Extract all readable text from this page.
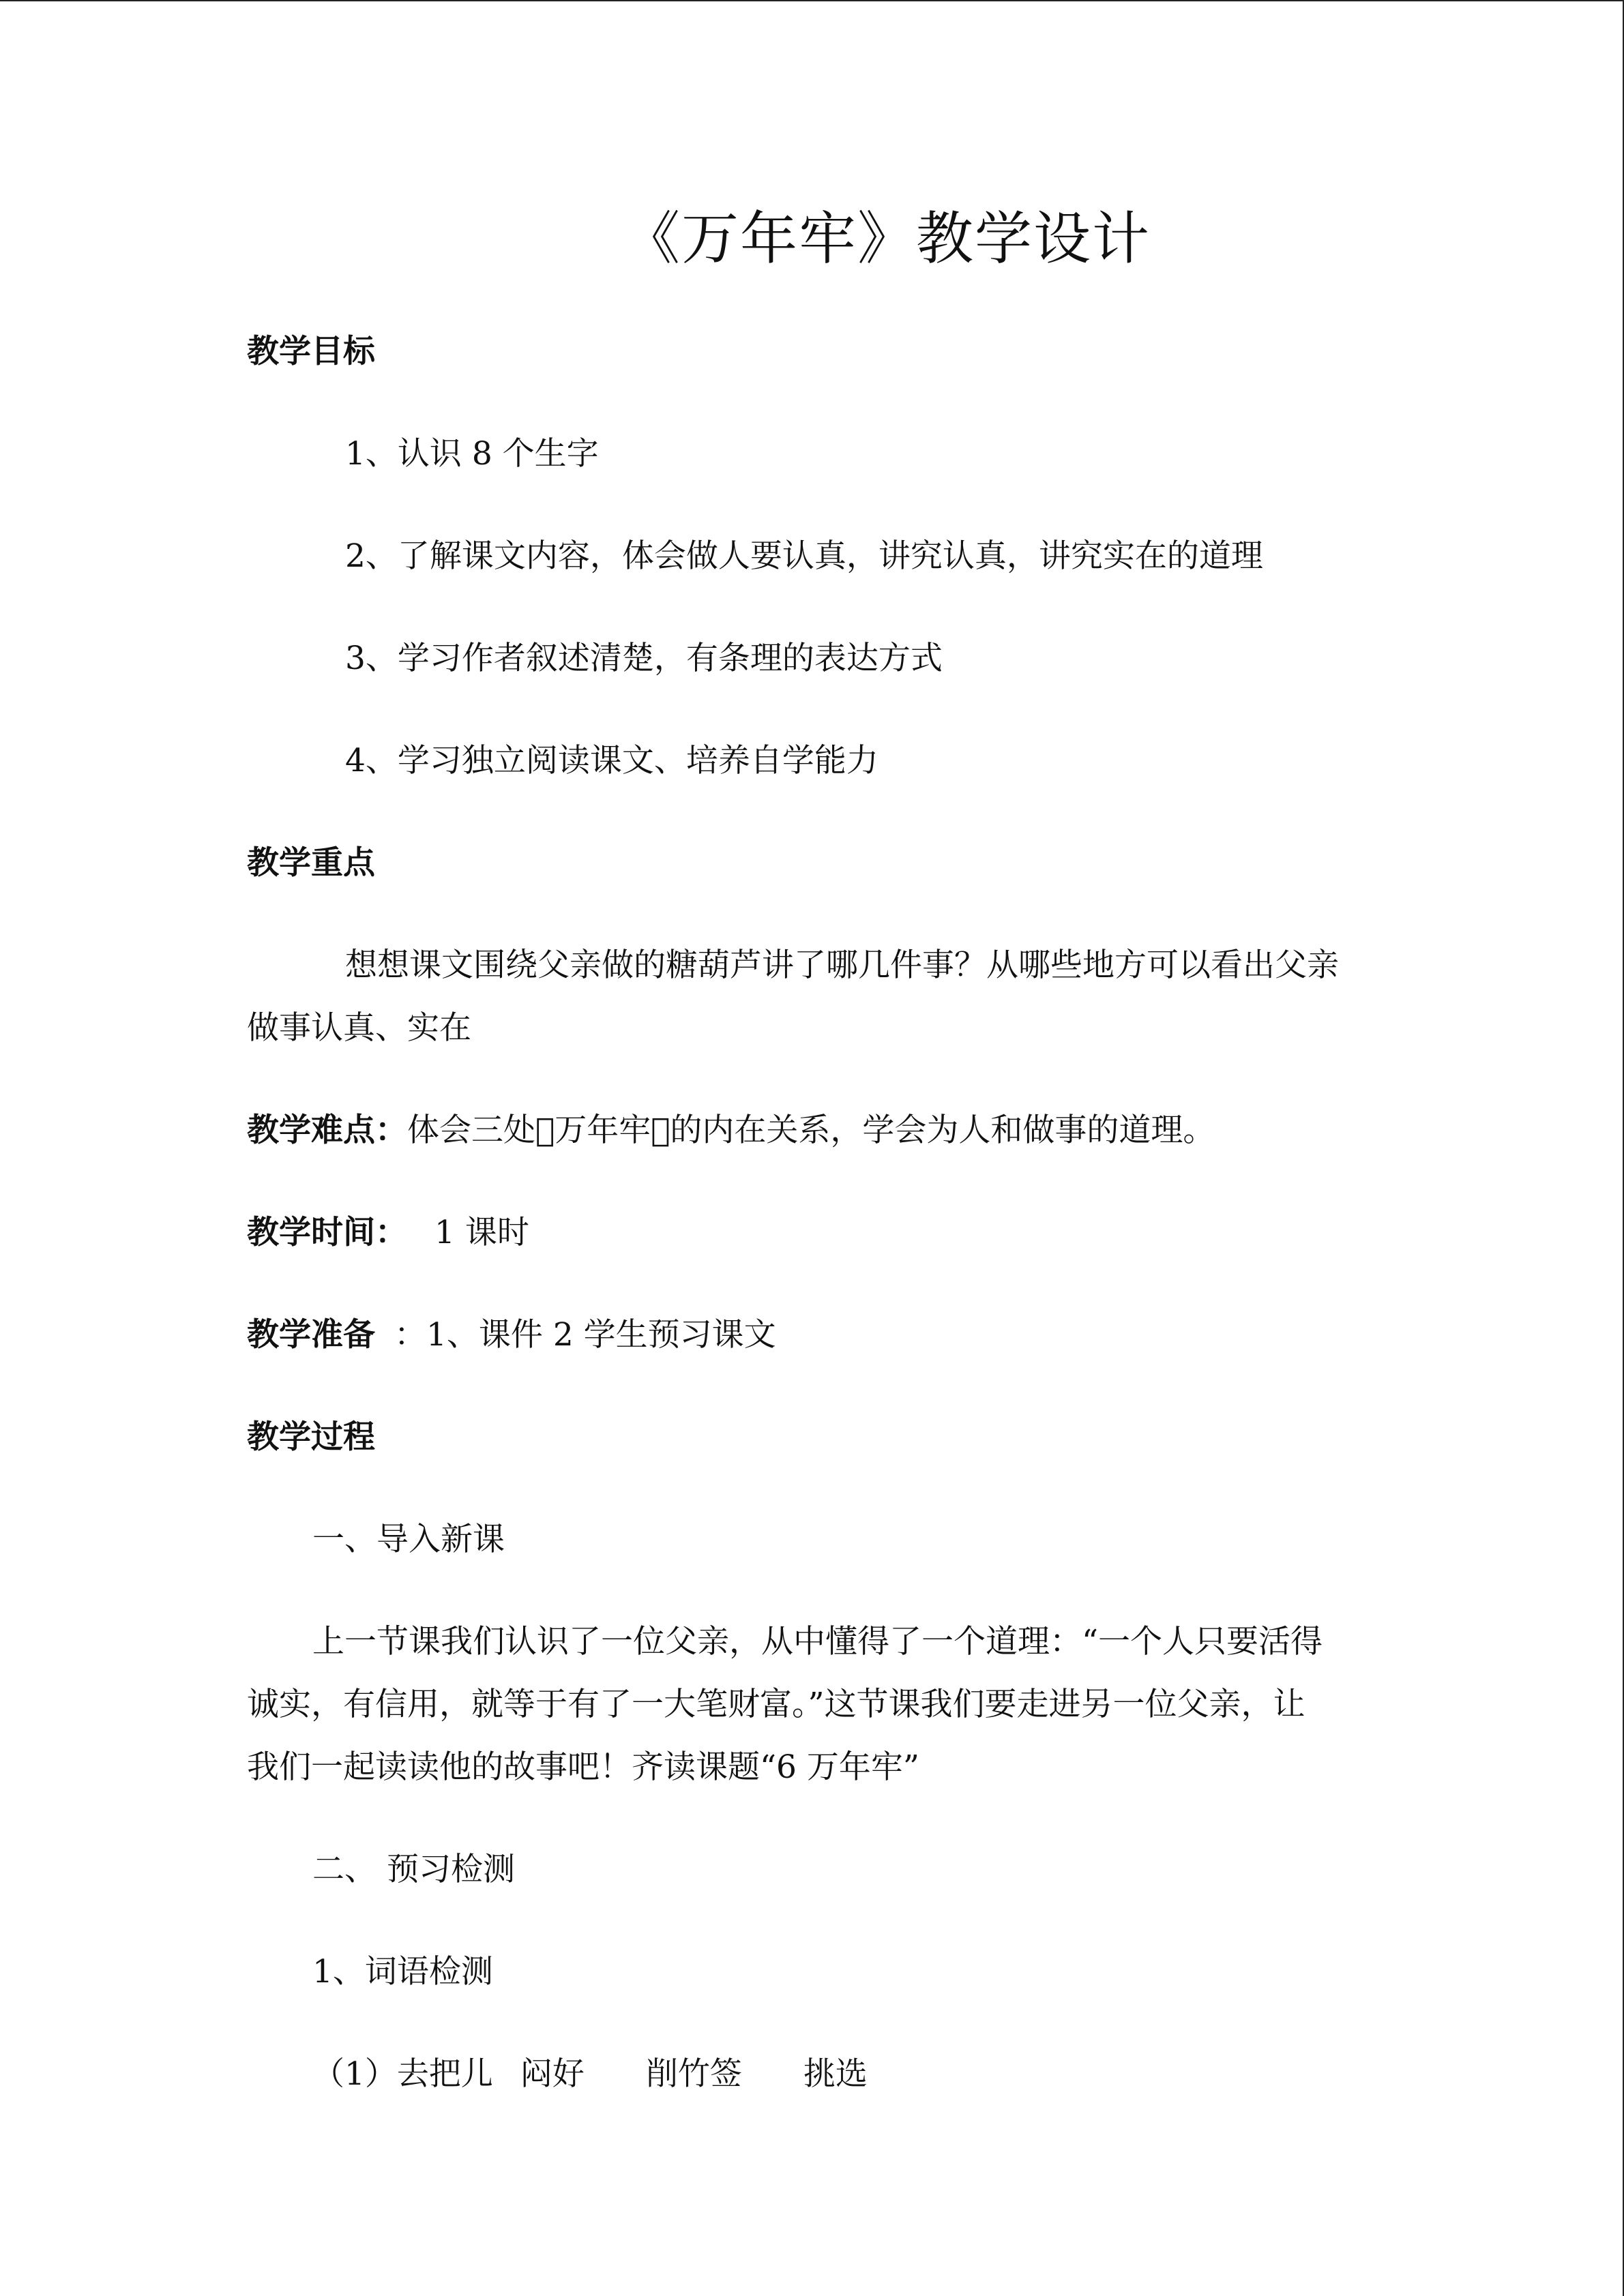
《万年牢》教学设计
教学目标
1、认识 8 个生字
2、了解课文内容，体会做人要认真，讲究认真，讲究实在的道理
3、学习作者叙述清楚，有条理的表达方式
4、学习独立阅读课文、培养自学能力
教学重点
想想课文围绕父亲做的糖葫芦讲了哪几件事？从哪些地方可以看出父亲
做事认真、实在
教学难点：体会三处 万年牢 的内在关系，学会为人和做事的道理。
教学时间： 1 课时
教学准备 ：1、课件 2 学生预习课文
教学过程
一、导入新课
上一节课我们认识了一位父亲，从中懂得了一个道理：“一个人只要活得
诚实，有信用，就等于有了一大笔财富。”这节课我们要走进另一位父亲，让
我们一起读读他的故事吧！齐读课题“6 万年牢”
二、 预习检测
1、词语检测
（1）去把儿 闷好 削竹签 挑选
